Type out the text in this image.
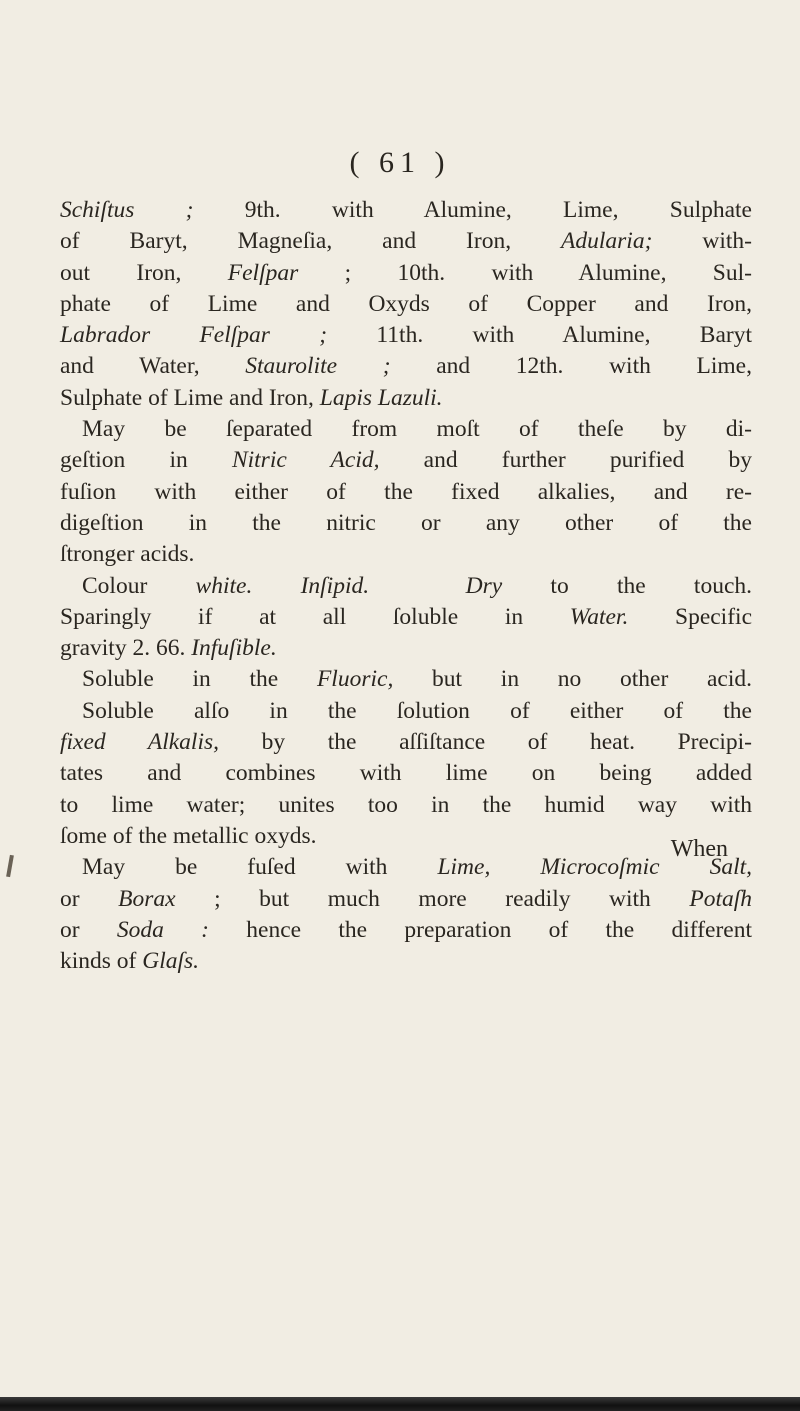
( 61 )
Schiſtus ; 9th. with Alumine, Lime, Sulphate
of Baryt, Magneſia, and Iron, Adularia; with-
out Iron, Felſpar ; 10th. with Alumine, Sul-
phate of Lime and Oxyds of Copper and Iron,
Labrador Felſpar ; 11th. with Alumine, Baryt
and Water, Staurolite ; and 12th. with Lime,
Sulphate of Lime and Iron, Lapis Lazuli.
May be ſeparated from moſt of theſe by di-
geſtion in Nitric Acid, and further purified by
fuſion with either of the fixed alkalies, and re-
digeſtion in the nitric or any other of the
ſtronger acids.
Colour white. Inſipid.	Dry to the touch.
Sparingly if at all ſoluble in Water. Specific
gravity 2. 66. Infuſible.
Soluble in the Fluoric, but in no other acid.
Soluble alſo in the ſolution of either of the
fixed Alkalis, by the aſſiſtance of heat. Precipi-
tates and combines with lime on being added
to lime water; unites too in the humid way with
ſome of the metallic oxyds.
May be fuſed with Lime, Microcoſmic Salt,
or Borax ; but much more readily with Potaſh
or Soda : hence the preparation of the different
kinds of Glaſs.
When
